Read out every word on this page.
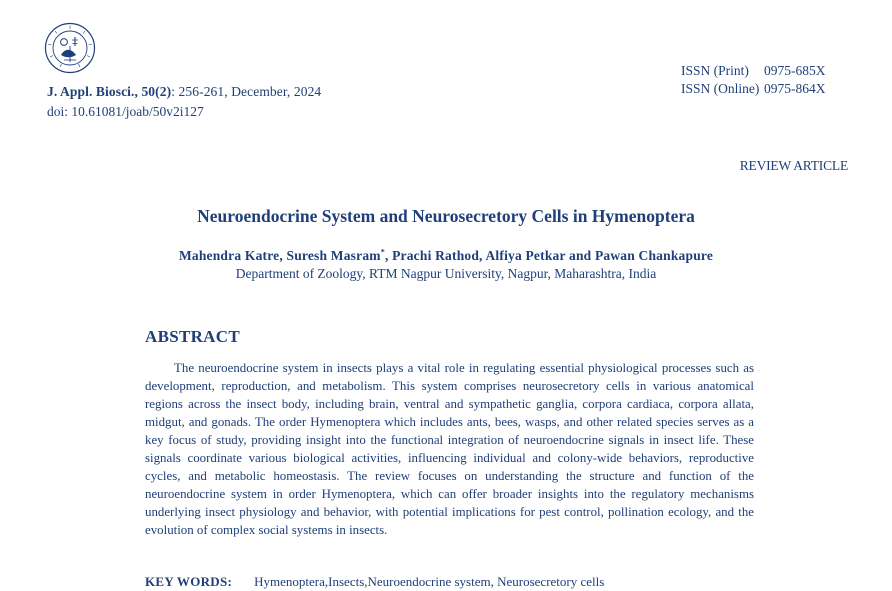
J. Appl. Biosci., 50(2): 256-261, December, 2024
doi: 10.61081/joab/50v2i127
ISSN (Print)	0975-685X
ISSN (Online) 0975-864X
REVIEW ARTICLE
Neuroendocrine System and Neurosecretory Cells in Hymenoptera
Mahendra Katre, Suresh Masram*, Prachi Rathod, Alfiya Petkar and Pawan Chankapure
Department of Zoology, RTM Nagpur University, Nagpur, Maharashtra, India
ABSTRACT

The neuroendocrine system in insects plays a vital role in regulating essential physiological processes such as development, reproduction, and metabolism. This system comprises neurosecretory cells in various anatomical regions across the insect body, including brain, ventral and sympathetic ganglia, corpora cardiaca, corpora allata, midgut, and gonads. The order Hymenoptera which includes ants, bees, wasps, and other related species serves as a key focus of study, providing insight into the functional integration of neuroendocrine signals in insect life. These signals coordinate various biological activities, influencing individual and colony-wide behaviors, reproductive cycles, and metabolic homeostasis. The review focuses on understanding the structure and function of the neuroendocrine system in order Hymenoptera, which can offer broader insights into the regulatory mechanisms underlying insect physiology and behavior, with potential implications for pest control, pollination ecology, and the evolution of complex social systems in insects.

KEY WORDS: Hymenoptera,Insects,Neuroendocrine system, Neurosecretory cells
